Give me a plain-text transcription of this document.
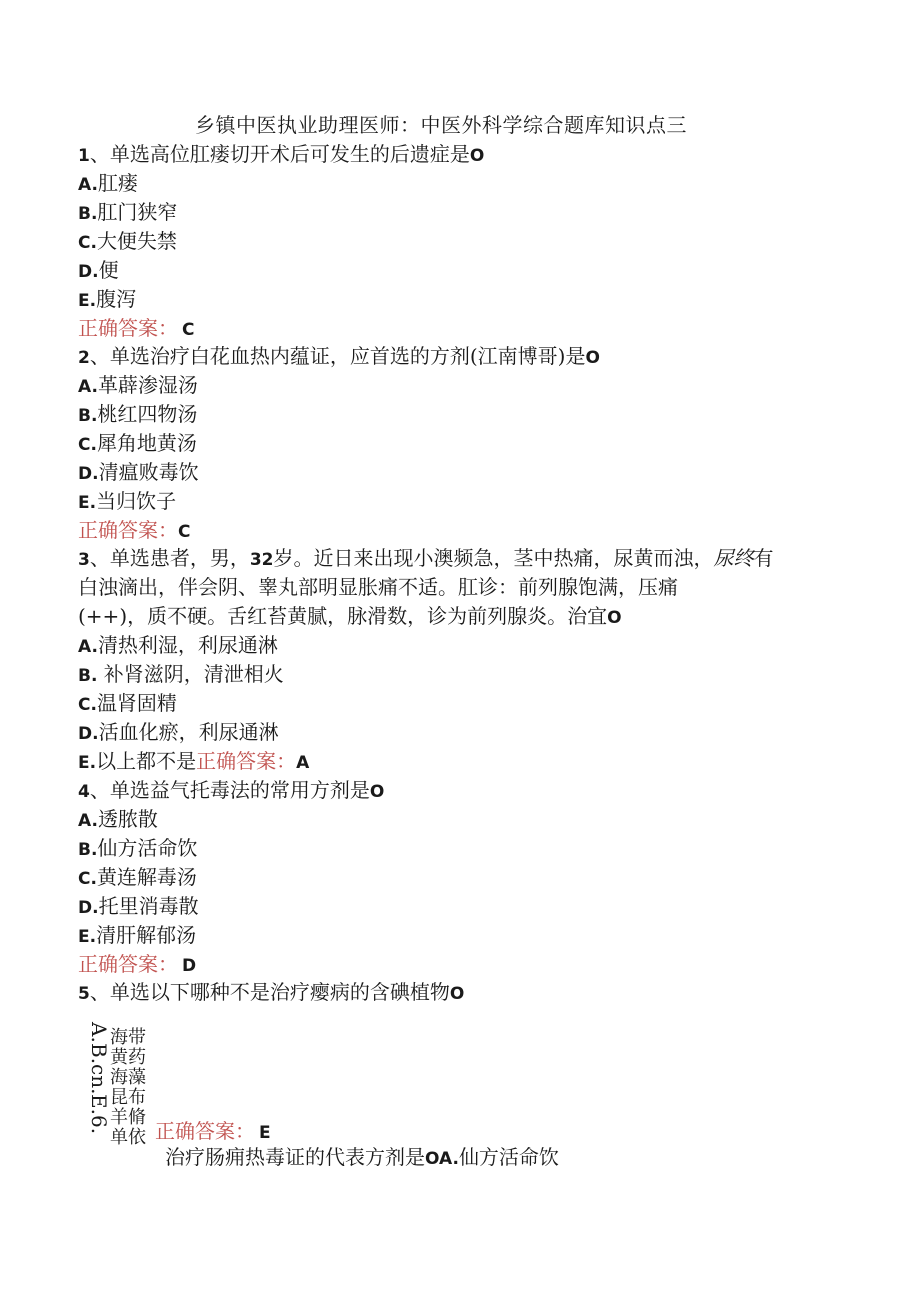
乡镇中医执业助理医师：中医外科学综合题库知识点三
1、单选高位肛瘘切开术后可发生的后遗症是O
A.肛瘘
B.肛门狭窄
C.大便失禁
D.便
E.腹泻
正确答案： C
2、单选治疗白花血热内蕴证，应首选的方剂(江南博哥)是O
A.革薜渗湿汤
B.桃红四物汤
C.犀角地黄汤
D.清瘟败毒饮
E.当归饮子
正确答案：C
3、单选患者，男，32岁。近日来出现小澳频急，茎中热痛，尿黄而浊，尿终有
白浊滴出，伴会阴、睾丸部明显胀痛不适。肛诊：前列腺饱满，压痛
(++)，质不硬。舌红苔黄腻，脉滑数，诊为前列腺炎。治宜O
A.清热利湿，利尿通淋
B. 补肾滋阴，清泄相火
C.温肾固精
D.活血化瘀，利尿通淋
E.以上都不是正确答案：A
4、单选益气托毒法的常用方剂是O
A.透脓散
B.仙方活命饮
C.黄连解毒汤
D.托里消毒散
E.清肝解郁汤
正确答案： D
5、单选以下哪种不是治疗瘿病的含碘植物O
A.
B.
cn.
E.
6.
海带
黄药
海藻
昆布
羊脩
单依 正确答案： E
治疗肠痈热毒证的代表方剂是OA.仙方活命饮
